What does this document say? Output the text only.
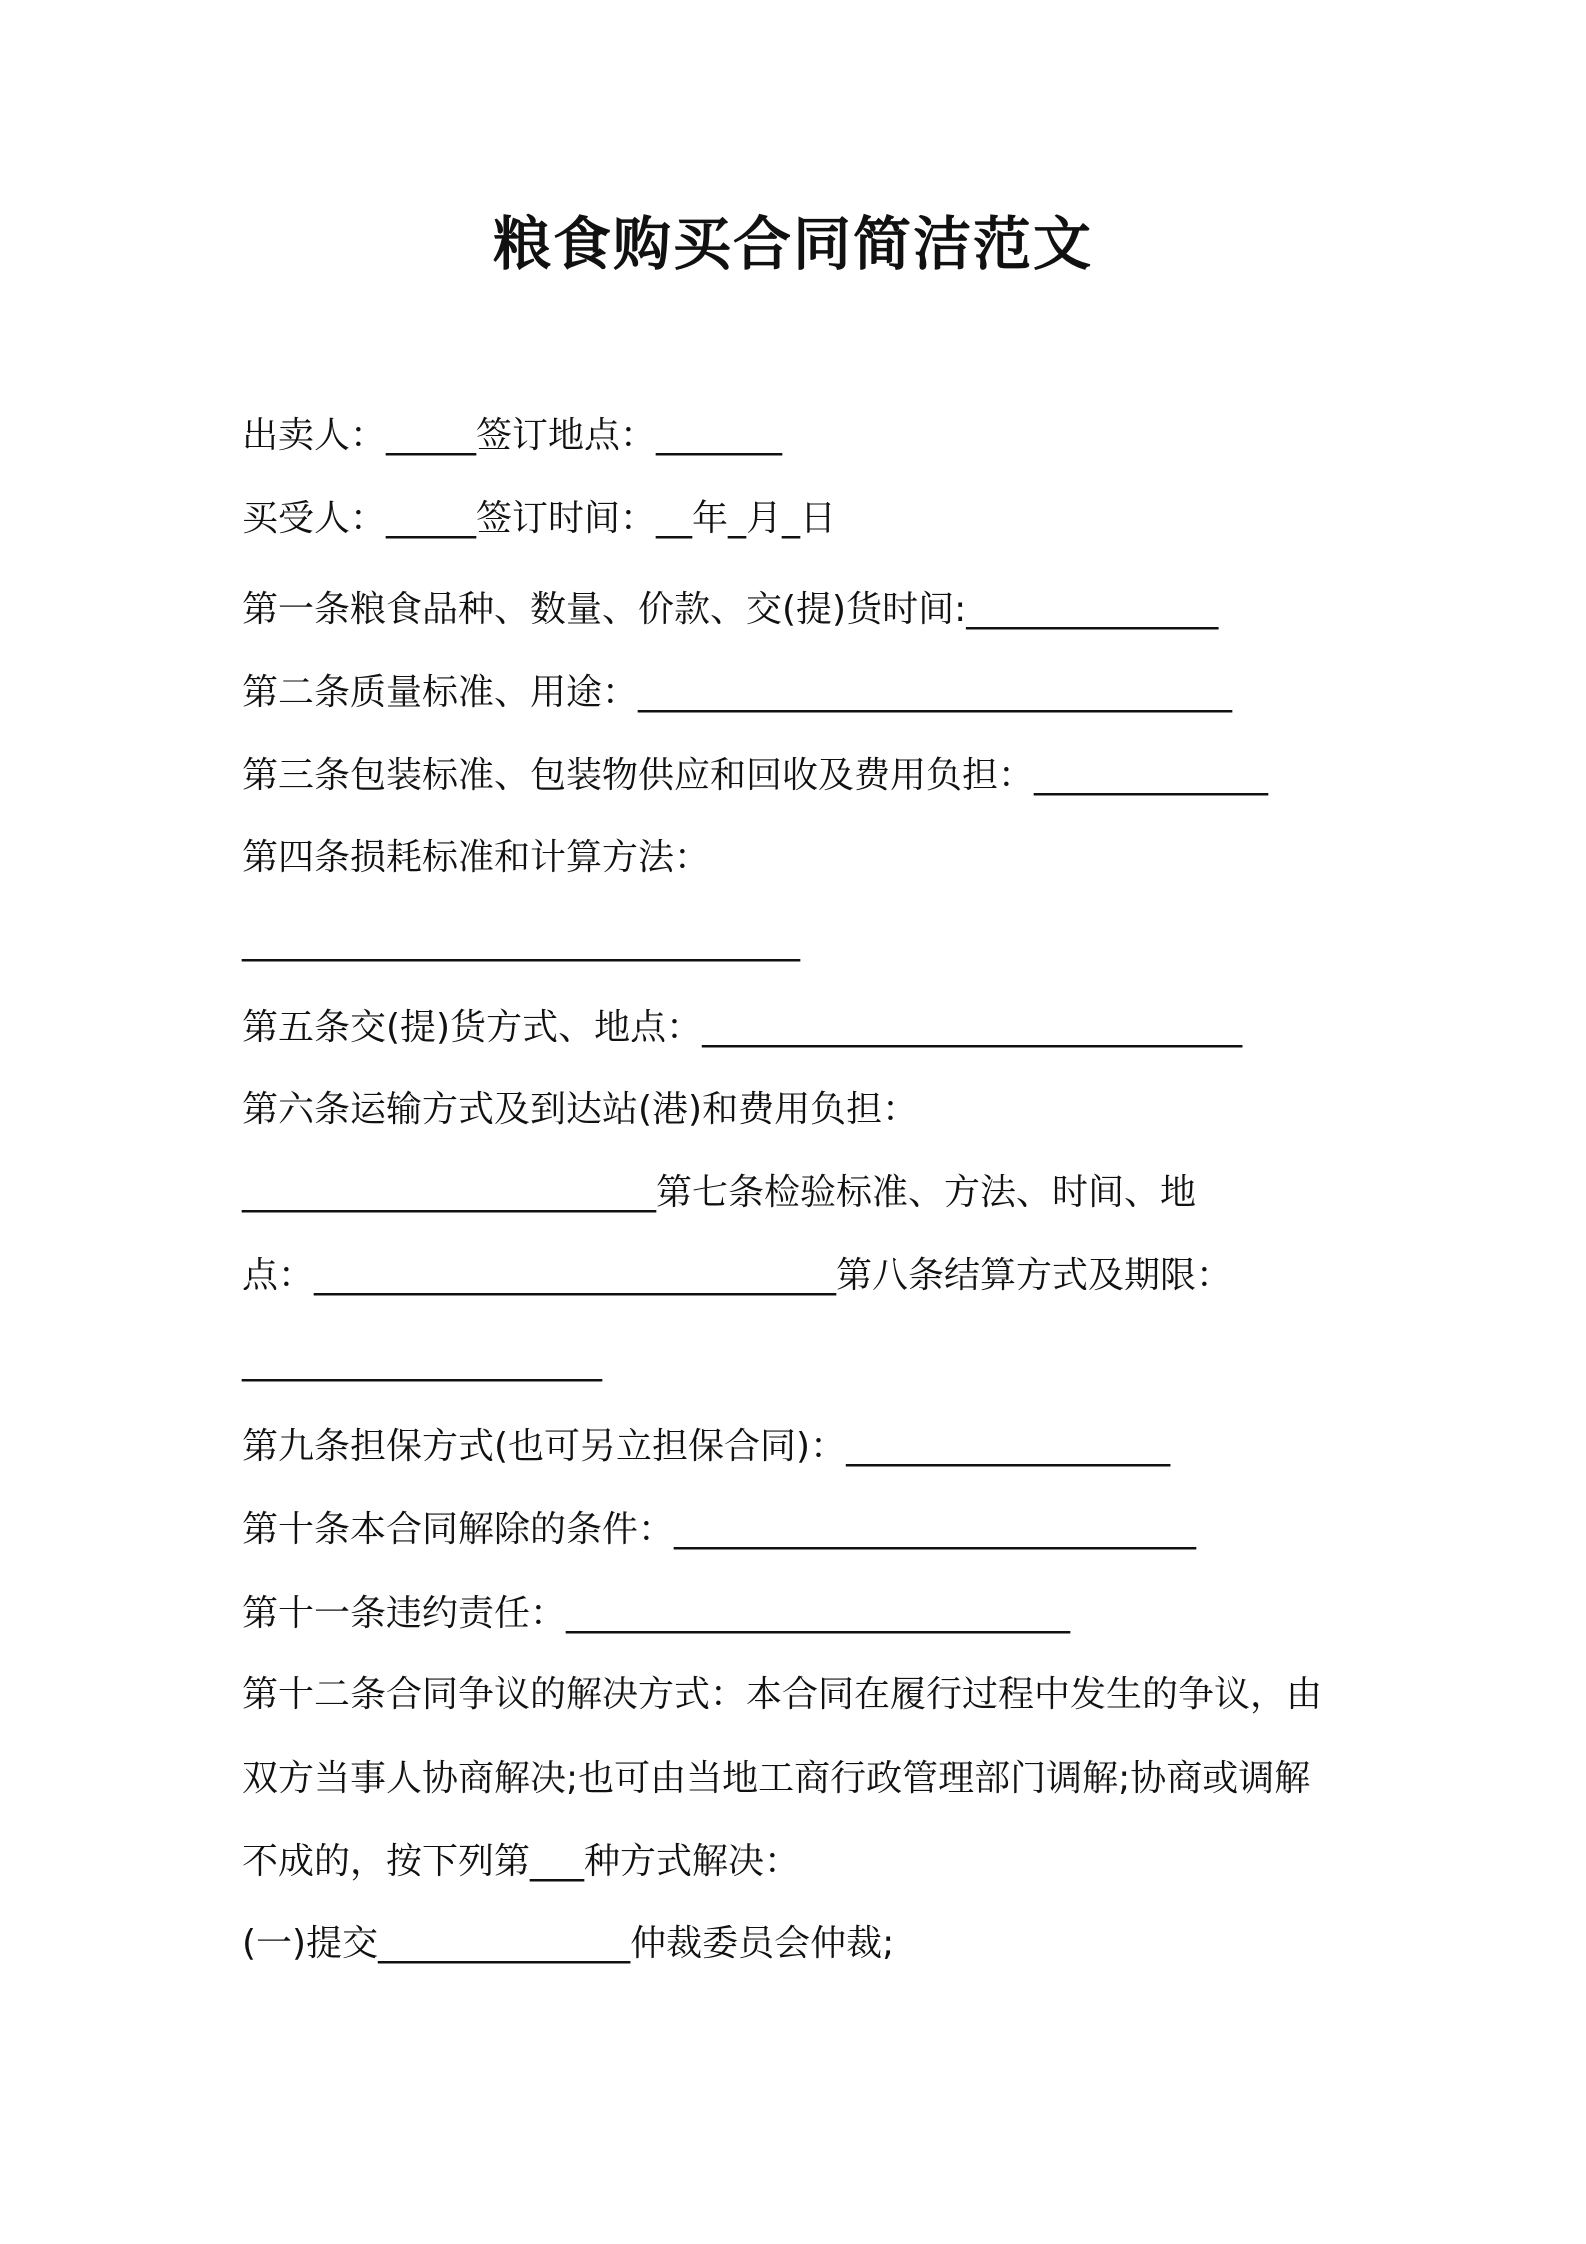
粮食购买合同简洁范文
出卖人：_____签订地点：_______
买受人：_____签订时间：__年_月_日
第一条粮食品种、数量、价款、交(提)货时间:______________
第二条质量标准、用途：_________________________________
第三条包装标准、包装物供应和回收及费用负担：_____________
第四条损耗标准和计算方法：
_______________________________
第五条交(提)货方式、地点：______________________________
第六条运输方式及到达站(港)和费用负担：
_______________________第七条检验标准、方法、时间、地
点：_____________________________第八条结算方式及期限：
____________________
第九条担保方式(也可另立担保合同)：__________________
第十条本合同解除的条件：_____________________________
第十一条违约责任：____________________________
第十二条合同争议的解决方式：本合同在履行过程中发生的争议，由
双方当事人协商解决;也可由当地工商行政管理部门调解;协商或调解
不成的，按下列第___种方式解决：
(一)提交______________仲裁委员会仲裁;
